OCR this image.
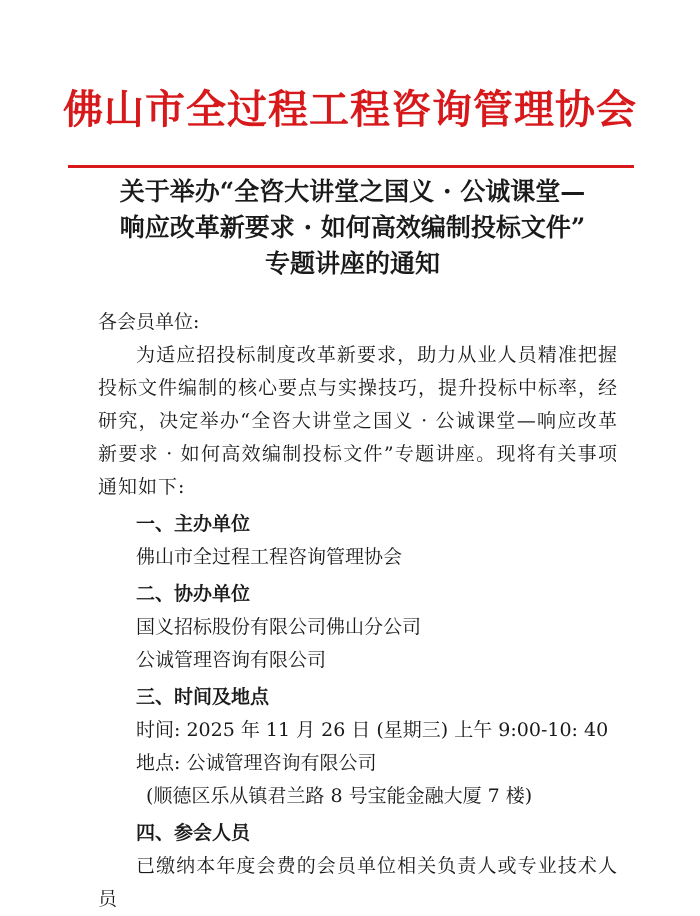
佛山市全过程工程咨询管理协会
关于举办“全咨大讲堂之国义 · 公诚课堂—
响应改革新要求 · 如何高效编制投标文件”
专题讲座的通知

各会员单位:

为适应招投标制度改革新要求，助力从业人员精准把握投标文件编制的核心要点与实操技巧，提升投标中标率，经研究，决定举办“全咨大讲堂之国义 · 公诚课堂—响应改革新要求 · 如何高效编制投标文件”专题讲座。现将有关事项通知如下:

一、主办单位

佛山市全过程工程咨询管理协会

二、协办单位

国义招标股份有限公司佛山分公司

公诚管理咨询有限公司

三、时间及地点

时间: 2025 年 11 月 26 日 (星期三) 上午 9:00-10: 40

地点: 公诚管理咨询有限公司

(顺德区乐从镇君兰路 8 号宝能金融大厦 7 楼)

四、参会人员

已缴纳本年度会费的会员单位相关负责人或专业技术人员
